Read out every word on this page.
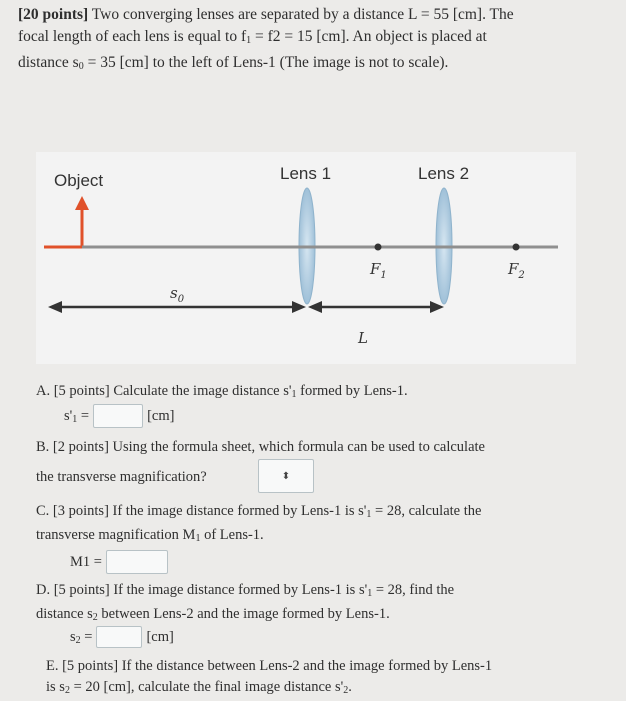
[20 points] Two converging lenses are separated by a distance L = 55 [cm]. The
focal length of each lens is equal to $f_1 = f2 = 15$ [cm]. An object is placed at
distance $s_0 = 35$ [cm] to the left of Lens-1 (The image is not to scale).
Object	Lens 1	Lens 2
$F_1$	$F_2$
$s_0$
L
A. [5 points] Calculate the image distance $s'_1$ formed by Lens-1.
$s'_1$ =	[cm]
B. [2 points] Using the formula sheet, which formula can be used to calculate
the transverse magnification?	⬍
C. [3 points] If the image distance formed by Lens-1 is $s'_1 = 28$, calculate the
transverse magnification $M_1$ of Lens-1.
M1 =
D. [5 points] If the image distance formed by Lens-1 is $s'_1 = 28$, find the
distance $s_2$ between Lens-2 and the image formed by Lens-1.
$s_2$ =	[cm]
E. [5 points] If the distance between Lens-2 and the image formed by Lens-1
is $s_2 = 20$ [cm], calculate the final image distance $s'_2$.
